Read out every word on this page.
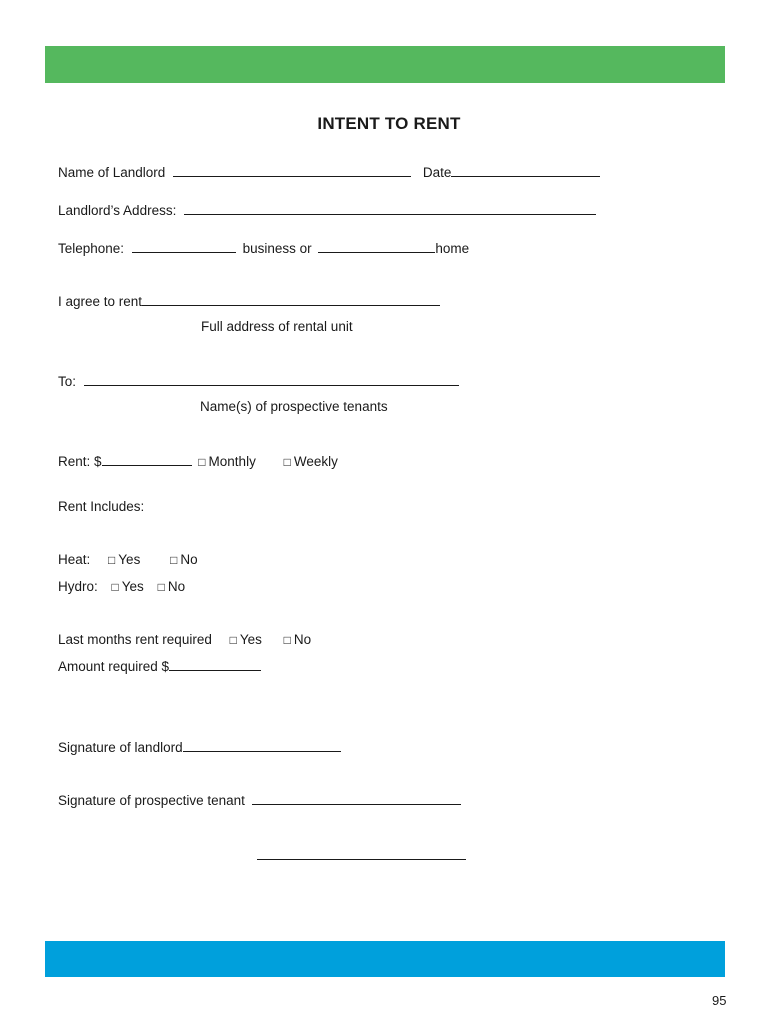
INTENT TO RENT
Name of Landlord	Date
Landlord’s Address:
Telephone:	business or	home
I agree to rent
Full address of rental unit
To:
Name(s) of prospective tenants
Rent: $	□ Monthly □ Weekly
Rent Includes:
Heat: □ Yes □ No
Hydro: □ Yes □ No
Last months rent required □ Yes □ No
Amount required $
Signature of landlord
Signature of prospective tenant
95
